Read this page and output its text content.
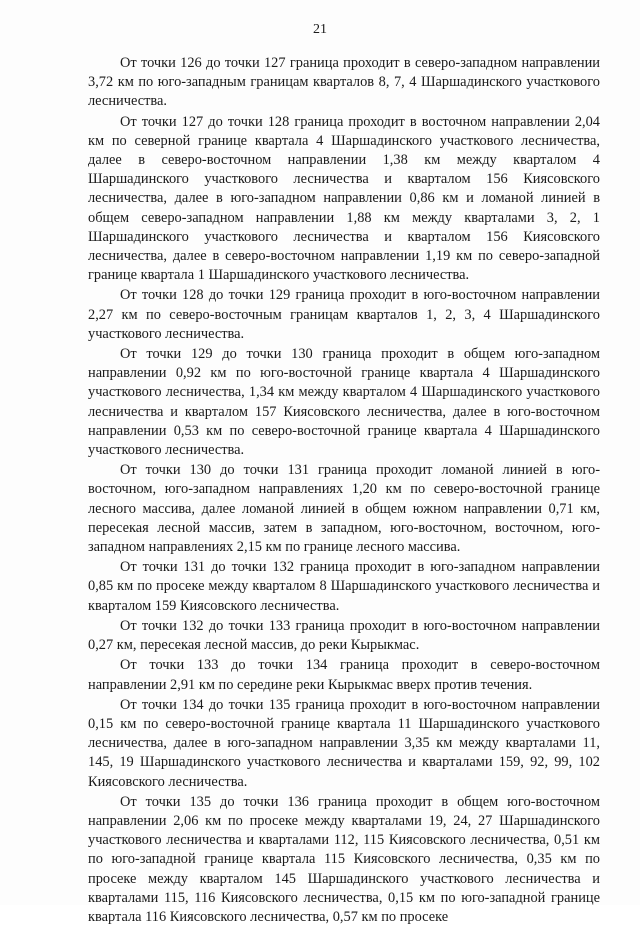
21

От точки 126 до точки 127 граница проходит в северо-западном направлении 3,72 км по юго-западным границам кварталов 8, 7, 4 Шаршадинского участкового лесничества.

От точки 127 до точки 128 граница проходит в восточном направлении 2,04 км по северной границе квартала 4 Шаршадинского участкового лесничества, далее в северо-восточном направлении 1,38 км между кварталом 4 Шаршадинского участкового лесничества и кварталом 156 Киясовского лесничества, далее в юго-западном направлении 0,86 км и ломаной линией в общем северо-западном направлении 1,88 км между кварталами 3, 2, 1 Шаршадинского участкового лесничества и кварталом 156 Киясовского лесничества, далее в северо-восточном направлении 1,19 км по северо-западной границе квартала 1 Шаршадинского участкового лесничества.

От точки 128 до точки 129 граница проходит в юго-восточном направлении 2,27 км по северо-восточным границам кварталов 1, 2, 3, 4 Шаршадинского участкового лесничества.

От точки 129 до точки 130 граница проходит в общем юго-западном направлении 0,92 км по юго-восточной границе квартала 4 Шаршадинского участкового лесничества, 1,34 км между кварталом 4 Шаршадинского участкового лесничества и кварталом 157 Киясовского лесничества, далее в юго-восточном направлении 0,53 км по северо-восточной границе квартала 4 Шаршадинского участкового лесничества.

От точки 130 до точки 131 граница проходит ломаной линией в юго-восточном, юго-западном направлениях 1,20 км по северо-восточной границе лесного массива, далее ломаной линией в общем южном направлении 0,71 км, пересекая лесной массив, затем в западном, юго-восточном, восточном, юго-западном направлениях 2,15 км по границе лесного массива.

От точки 131 до точки 132 граница проходит в юго-западном направлении 0,85 км по просеке между кварталом 8 Шаршадинского участкового лесничества и кварталом 159 Киясовского лесничества.

От точки 132 до точки 133 граница проходит в юго-восточном направлении 0,27 км, пересекая лесной массив, до реки Кырыкмас.

От точки 133 до точки 134 граница проходит в северо-восточном направлении 2,91 км по середине реки Кырыкмас вверх против течения.

От точки 134 до точки 135 граница проходит в юго-восточном направлении 0,15 км по северо-восточной границе квартала 11 Шаршадинского участкового лесничества, далее в юго-западном направлении 3,35 км между кварталами 11, 145, 19 Шаршадинского участкового лесничества и кварталами 159, 92, 99, 102 Киясовского лесничества.

От точки 135 до точки 136 граница проходит в общем юго-восточном направлении 2,06 км по просеке между кварталами 19, 24, 27 Шаршадинского участкового лесничества и кварталами 112, 115 Киясовского лесничества, 0,51 км по юго-западной границе квартала 115 Киясовского лесничества, 0,35 км по просеке между кварталом 145 Шаршадинского участкового лесничества и кварталами 115, 116 Киясовского лесничества, 0,15 км по юго-западной границе квартала 116 Киясовского лесничества, 0,57 км по просеке
